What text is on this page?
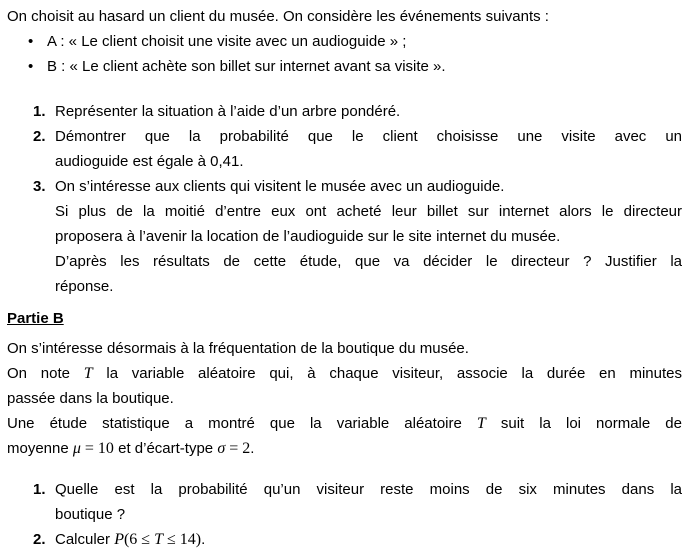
On choisit au hasard un client du musée. On considère les événements suivants :
• A : « Le client choisit une visite avec un audioguide » ;
• B : « Le client achète son billet sur internet avant sa visite ».
1. Représenter la situation à l’aide d’un arbre pondéré.
2. Démontrer que la probabilité que le client choisisse une visite avec un
audioguide est égale à 0,41.
3. On s’intéresse aux clients qui visitent le musée avec un audioguide.
Si plus de la moitié d’entre eux ont acheté leur billet sur internet alors le directeur
proposera à l’avenir la location de l’audioguide sur le site internet du musée.
D’après les résultats de cette étude, que va décider le directeur ? Justifier la
réponse.
Partie B
On s’intéresse désormais à la fréquentation de la boutique du musée.
On note T la variable aléatoire qui, à chaque visiteur, associe la durée en minutes
passée dans la boutique.
Une étude statistique a montré que la variable aléatoire T suit la loi normale de
moyenne μ = 10 et d’écart-type σ = 2.
1. Quelle est la probabilité qu’un visiteur reste moins de six minutes dans la
boutique ?
2. Calculer P(6 ≤ T ≤ 14).
